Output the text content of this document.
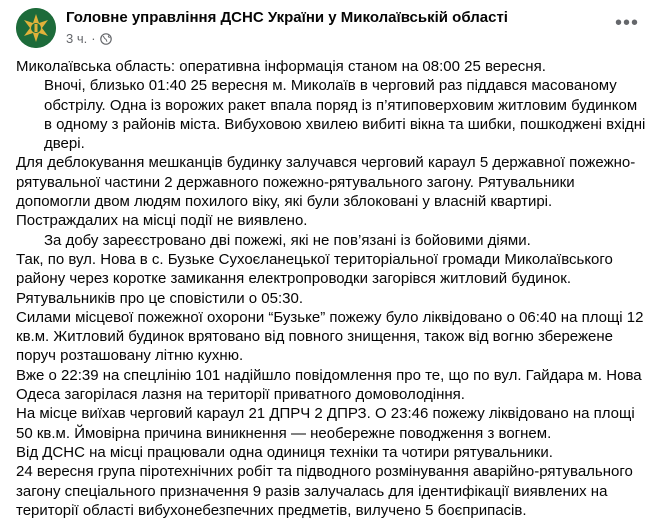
Головне управління ДСНС України у Миколаївській області
3 ч. ·
•••

Миколаївська область: оперативна інформація станом на 08:00 25 вересня.

Вночі, близько 01:40 25 вересня м. Миколаїв в черговий раз піддався масованому обстрілу. Одна із ворожих ракет впала поряд із п’ятиповерховим житловим будинком в одному з районів міста. Вибуховою хвилею вибиті вікна та шибки, пошкоджені вхідні двері.

Для деблокування мешканців будинку залучався черговий караул 5 державної пожежно-рятувальної частини 2 державного пожежно-рятувального загону. Рятувальники допомогли двом людям похилого віку, які були зблоковані у власній квартирі. Постраждалих на місці події не виявлено.

За добу зареєстровано дві пожежі, які не пов’язані із бойовими діями.

Так, по вул. Нова в с. Бузьке Сухоєланецької територіальної громади Миколаївського району через коротке замикання електропроводки загорівся житловий будинок. Рятувальників про це сповістили о 05:30.

Силами місцевої пожежної охорони “Бузьке” пожежу було ліквідовано о 06:40 на площі 12 кв.м. Житловий будинок врятовано від повного знищення, також від вогню збережене поруч розташовану літню кухню.

Вже о 22:39 на спецлінію 101 надійшло повідомлення про те, що по вул. Гайдара м. Нова Одеса загорілася лазня на території приватного домоволодіння.

На місце виїхав черговий караул 21 ДПРЧ 2 ДПРЗ. О 23:46 пожежу ліквідовано на площі 50 кв.м. Ймовірна причина виникнення — необережне поводження з вогнем.

Від ДСНС на місці працювали одна одиниця техніки та чотири рятувальники.

24 вересня група піротехнічних робіт та підводного розмінування аварійно-рятувального загону спеціального призначення 9 разів залучалась для ідентифікації виявлених на території області вибухонебезпечних предметів, вилучено 5 боєприпасів.
